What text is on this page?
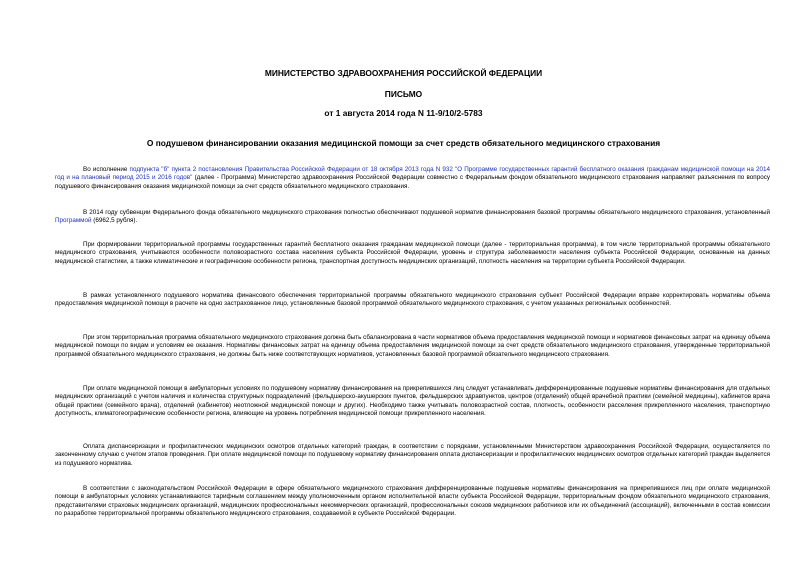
МИНИСТЕРСТВО ЗДРАВООХРАНЕНИЯ РОССИЙСКОЙ ФЕДЕРАЦИИ
ПИСЬМО
от 1 августа 2014 года N 11-9/10/2-5783
О подушевом финансировании оказания медицинской помощи за счет средств обязательного медицинского страхования

Во исполнение подпункта "б" пункта 2 постановления Правительства Российской Федерации от 18 октября 2013 года N 932 "О Программе государственных гарантий бесплатного оказания гражданам медицинской помощи на 2014 год и на плановый период 2015 и 2016 годов" (далее - Программа) Министерство здравоохранения Российской Федерации совместно с Федеральным фондом обязательного медицинского страхования направляет разъяснения по вопросу подушевого финансирования оказания медицинской помощи за счет средств обязательного медицинского страхования.

В 2014 году субвенции Федерального фонда обязательного медицинского страхования полностью обеспечивают подушевой норматив финансирования базовой программы обязательного медицинского страхования, установленный Программой (6962,5 рубля).

При формировании территориальной программы государственных гарантий бесплатного оказания гражданам медицинской помощи (далее - территориальная программа), в том числе территориальной программы обязательного медицинского страхования, учитываются особенности половозрастного состава населения субъекта Российской Федерации, уровень и структура заболеваемости населения субъекта Российской Федерации, основанные на данных медицинской статистики, а также климатические и географические особенности региона, транспортная доступность медицинских организаций, плотность населения на территории субъекта Российской Федерации.

В рамках установленного подушевого норматива финансового обеспечения территориальной программы обязательного медицинского страхования субъект Российской Федерации вправе корректировать нормативы объема предоставления медицинской помощи в расчете на одно застрахованное лицо, установленные базовой программой обязательного медицинского страхования, с учетом указанных региональных особенностей.

При этом территориальная программа обязательного медицинского страхования должна быть сбалансирована в части нормативов объема предоставления медицинской помощи и нормативов финансовых затрат на единицу объема медицинской помощи по видам и условиям ее оказания. Нормативы финансовых затрат на единицу объема предоставления медицинской помощи за счет средств обязательного медицинского страхования, утвержденные территориальной программой обязательного медицинского страхования, не должны быть ниже соответствующих нормативов, установленных базовой программой обязательного медицинского страхования.

При оплате медицинской помощи в амбулаторных условиях по подушевому нормативу финансирования на прикрепившихся лиц следует устанавливать дифференцированные подушевые нормативы финансирования для отдельных медицинских организаций с учетом наличия и количества структурных подразделений (фельдшерско-акушерских пунктов, фельдшерских здравпунктов, центров (отделений) общей врачебной практики (семейной медицины), кабинетов врача общей практики (семейного врача), отделений (кабинетов) неотложной медицинской помощи и других). Необходимо также учитывать половозрастной состав, плотность, особенности расселения прикрепленного населения, транспортную доступность, климатогеографические особенности региона, влияющие на уровень потребления медицинской помощи прикрепленного населения.

Оплата диспансеризации и профилактических медицинских осмотров отдельных категорий граждан, в соответствии с порядками, установленными Министерством здравоохранения Российской Федерации, осуществляется по законченному случаю с учетом этапов проведения. При оплате медицинской помощи по подушевому нормативу финансирования оплата диспансеризации и профилактических медицинских осмотров отдельных категорий граждан выделяется из подушевого норматива.

В соответствии с законодательством Российской Федерации в сфере обязательного медицинского страхования дифференцированные подушевые нормативы финансирования на прикрепившихся лиц при оплате медицинской помощи в амбулаторных условиях устанавливаются тарифным соглашением между уполномоченным органом исполнительной власти субъекта Российской Федерации, территориальным фондом обязательного медицинского страхования, представителями страховых медицинских организаций, медицинских профессиональных некоммерческих организаций, профессиональных союзов медицинских работников или их объединений (ассоциаций), включенными в состав комиссии по разработке территориальной программы обязательного медицинского страхования, создаваемой в субъекте Российской Федерации.
